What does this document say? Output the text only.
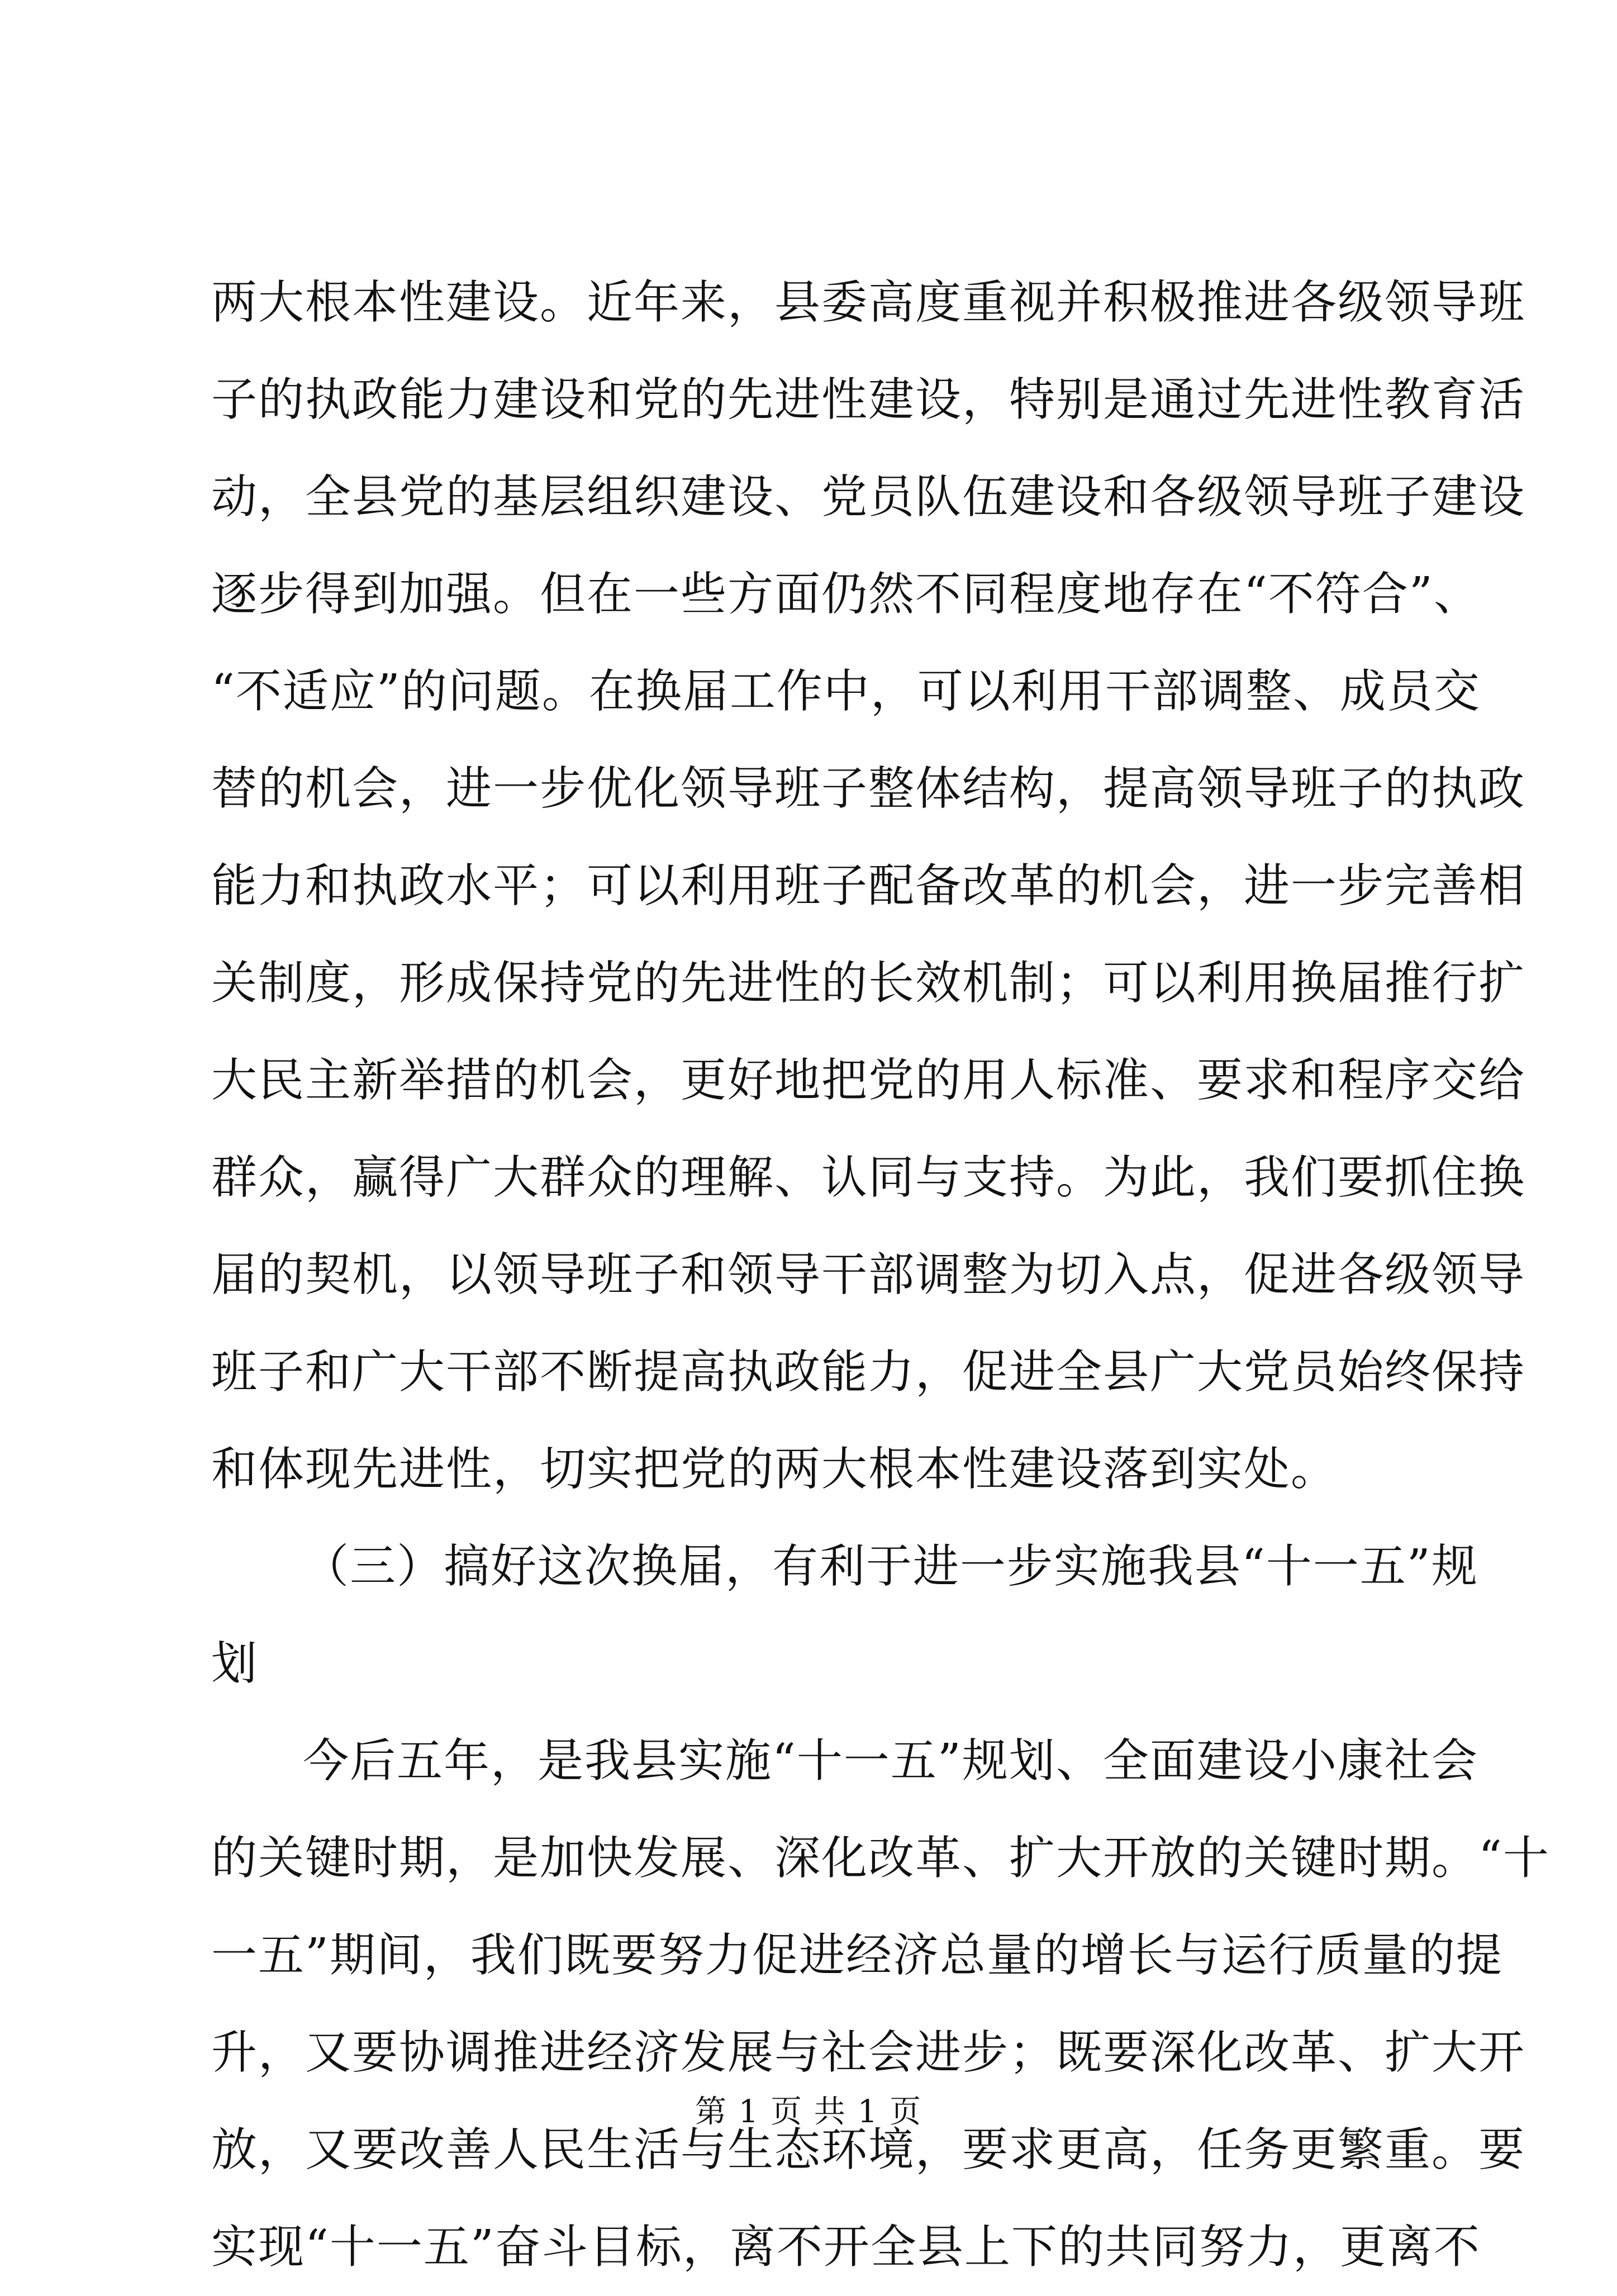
两大根本性建设。近年来，县委高度重视并积极推进各级领导班
子的执政能力建设和党的先进性建设，特别是通过先进性教育活
动，全县党的基层组织建设、党员队伍建设和各级领导班子建设
逐步得到加强。但在一些方面仍然不同程度地存在“不符合”、
“不适应”的问题。在换届工作中，可以利用干部调整、成员交
替的机会，进一步优化领导班子整体结构，提高领导班子的执政
能力和执政水平；可以利用班子配备改革的机会，进一步完善相
关制度，形成保持党的先进性的长效机制；可以利用换届推行扩
大民主新举措的机会，更好地把党的用人标准、要求和程序交给
群众，赢得广大群众的理解、认同与支持。为此，我们要抓住换
届的契机，以领导班子和领导干部调整为切入点，促进各级领导
班子和广大干部不断提高执政能力，促进全县广大党员始终保持
和体现先进性，切实把党的两大根本性建设落到实处。
（三）搞好这次换届，有利于进一步实施我县“十一五”规
划
今后五年，是我县实施“十一五”规划、全面建设小康社会
的关键时期，是加快发展、深化改革、扩大开放的关键时期。“十
一五”期间，我们既要努力促进经济总量的增长与运行质量的提
升，又要协调推进经济发展与社会进步；既要深化改革、扩大开
放，又要改善人民生活与生态环境，要求更高，任务更繁重。要
实现“十一五”奋斗目标，离不开全县上下的共同努力，更离不
第 1 页 共 1 页
